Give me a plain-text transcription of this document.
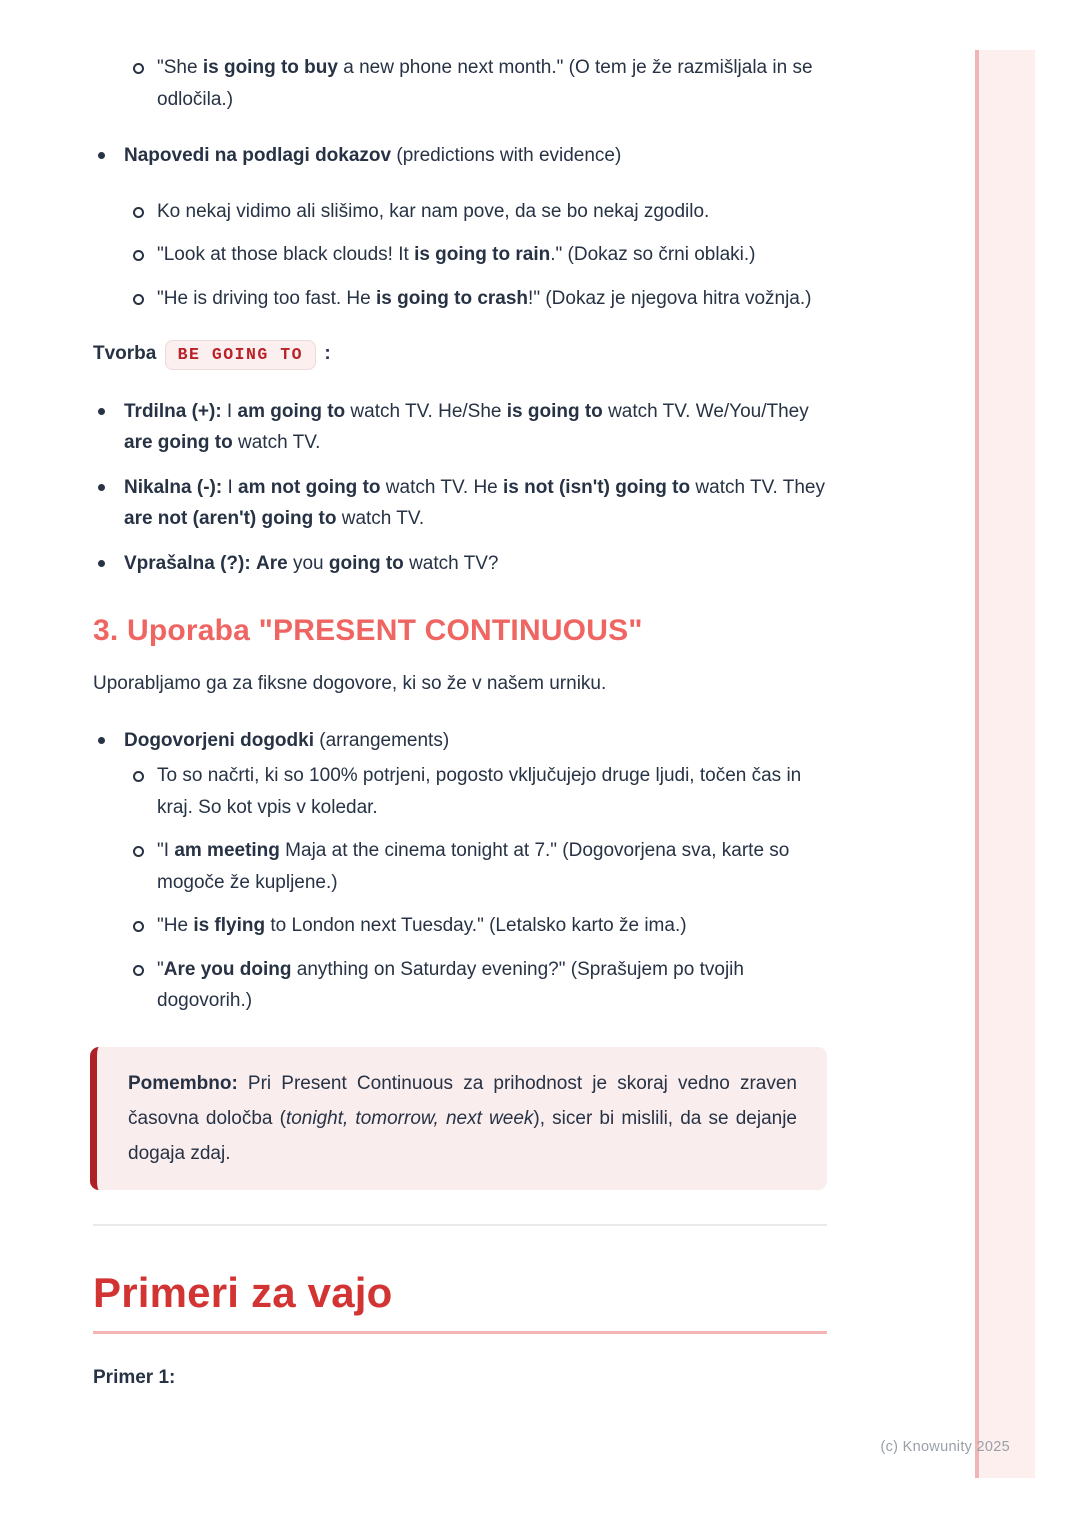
"She is going to buy a new phone next month." (O tem je že razmišljala in se odločila.)
Napovedi na podlagi dokazov (predictions with evidence)
Ko nekaj vidimo ali slišimo, kar nam pove, da se bo nekaj zgodilo.
"Look at those black clouds! It is going to rain." (Dokaz so črni oblaki.)
"He is driving too fast. He is going to crash!" (Dokaz je njegova hitra vožnja.)
Tvorba BE GOING TO :
Trdilna (+): I am going to watch TV. He/She is going to watch TV. We/You/They are going to watch TV.
Nikalna (-): I am not going to watch TV. He is not (isn't) going to watch TV. They are not (aren't) going to watch TV.
Vprašalna (?): Are you going to watch TV?
3. Uporaba "PRESENT CONTINUOUS"
Uporabljamo ga za fiksne dogovore, ki so že v našem urniku.
Dogovorjeni dogodki (arrangements)
To so načrti, ki so 100% potrjeni, pogosto vključujejo druge ljudi, točen čas in kraj. So kot vpis v koledar.
"I am meeting Maja at the cinema tonight at 7." (Dogovorjena sva, karte so mogoče že kupljene.)
"He is flying to London next Tuesday." (Letalsko karto že ima.)
"Are you doing anything on Saturday evening?" (Sprašujem po tvojih dogovorih.)
Pomembno: Pri Present Continuous za prihodnost je skoraj vedno zraven časovna določba (tonight, tomorrow, next week), sicer bi mislili, da se dejanje dogaja zdaj.
Primeri za vajo
Primer 1:
(c) Knowunity 2025
